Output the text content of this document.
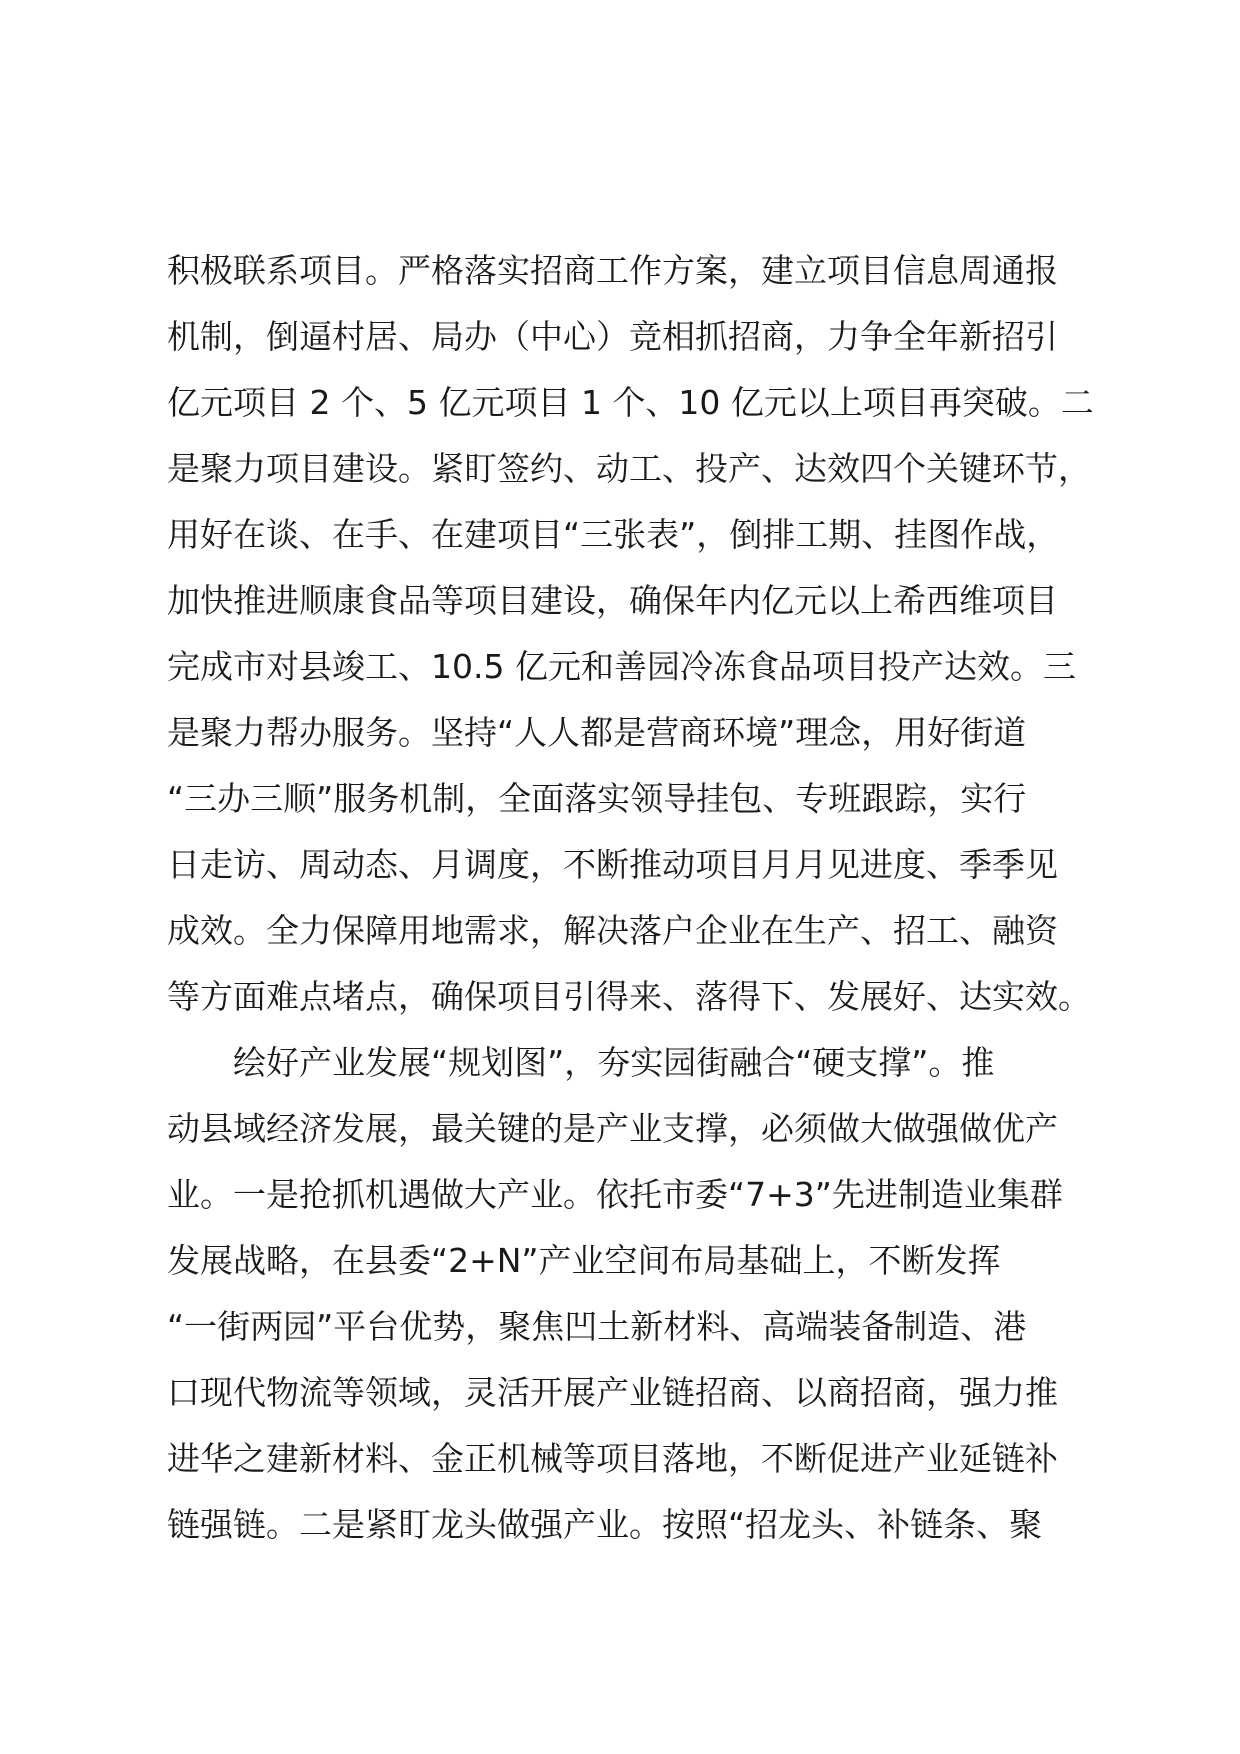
积极联系项目。严格落实招商工作方案，建立项目信息周通报
机制，倒逼村居、局办（中心）竞相抓招商，力争全年新招引
亿元项目 2 个、5 亿元项目 1 个、10 亿元以上项目再突破。二
是聚力项目建设。紧盯签约、动工、投产、达效四个关键环节，
用好在谈、在手、在建项目“三张表”，倒排工期、挂图作战，
加快推进顺康食品等项目建设，确保年内亿元以上希西维项目
完成市对县竣工、10.5 亿元和善园冷冻食品项目投产达效。三
是聚力帮办服务。坚持“人人都是营商环境”理念，用好街道
“三办三顺”服务机制，全面落实领导挂包、专班跟踪，实行
日走访、周动态、月调度，不断推动项目月月见进度、季季见
成效。全力保障用地需求，解决落户企业在生产、招工、融资
等方面难点堵点，确保项目引得来、落得下、发展好、达实效。
绘好产业发展“规划图”，夯实园街融合“硬支撑”。推
动县域经济发展，最关键的是产业支撑，必须做大做强做优产
业。一是抢抓机遇做大产业。依托市委“7+3”先进制造业集群
发展战略，在县委“2+N”产业空间布局基础上，不断发挥
“一街两园”平台优势，聚焦凹土新材料、高端装备制造、港
口现代物流等领域，灵活开展产业链招商、以商招商，强力推
进华之建新材料、金正机械等项目落地，不断促进产业延链补
链强链。二是紧盯龙头做强产业。按照“招龙头、补链条、聚
